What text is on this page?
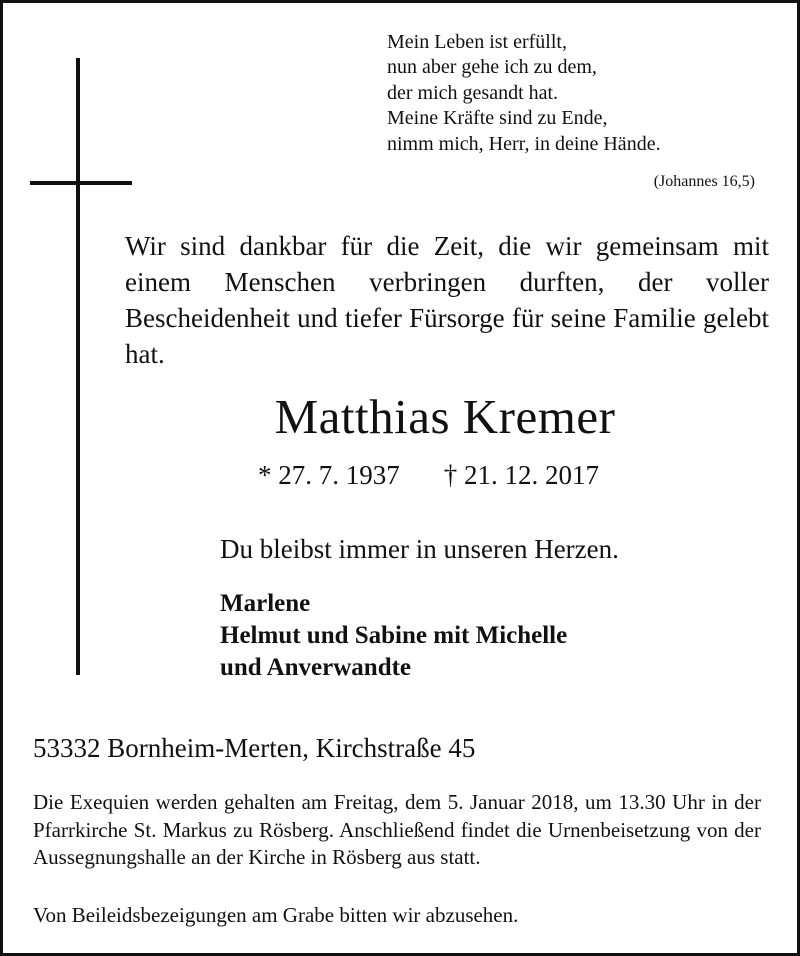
Mein Leben ist erfüllt,
nun aber gehe ich zu dem,
der mich gesandt hat.
Meine Kräfte sind zu Ende,
nimm mich, Herr, in deine Hände.
(Johannes 16,5)
Wir sind dankbar für die Zeit, die wir gemeinsam mit einem Menschen verbringen durften, der voller Bescheidenheit und tiefer Fürsorge für seine Familie gelebt hat.
Matthias Kremer
* 27. 7. 1937 † 21. 12. 2017
Du bleibst immer in unseren Herzen.
Marlene
Helmut und Sabine mit Michelle
und Anverwandte
53332 Bornheim-Merten, Kirchstraße 45
Die Exequien werden gehalten am Freitag, dem 5. Januar 2018, um 13.30 Uhr in der Pfarrkirche St. Markus zu Rösberg. Anschließend findet die Urnenbeisetzung von der Aussegnungshalle an der Kirche in Rösberg aus statt.
Von Beileidsbezeigungen am Grabe bitten wir abzusehen.
